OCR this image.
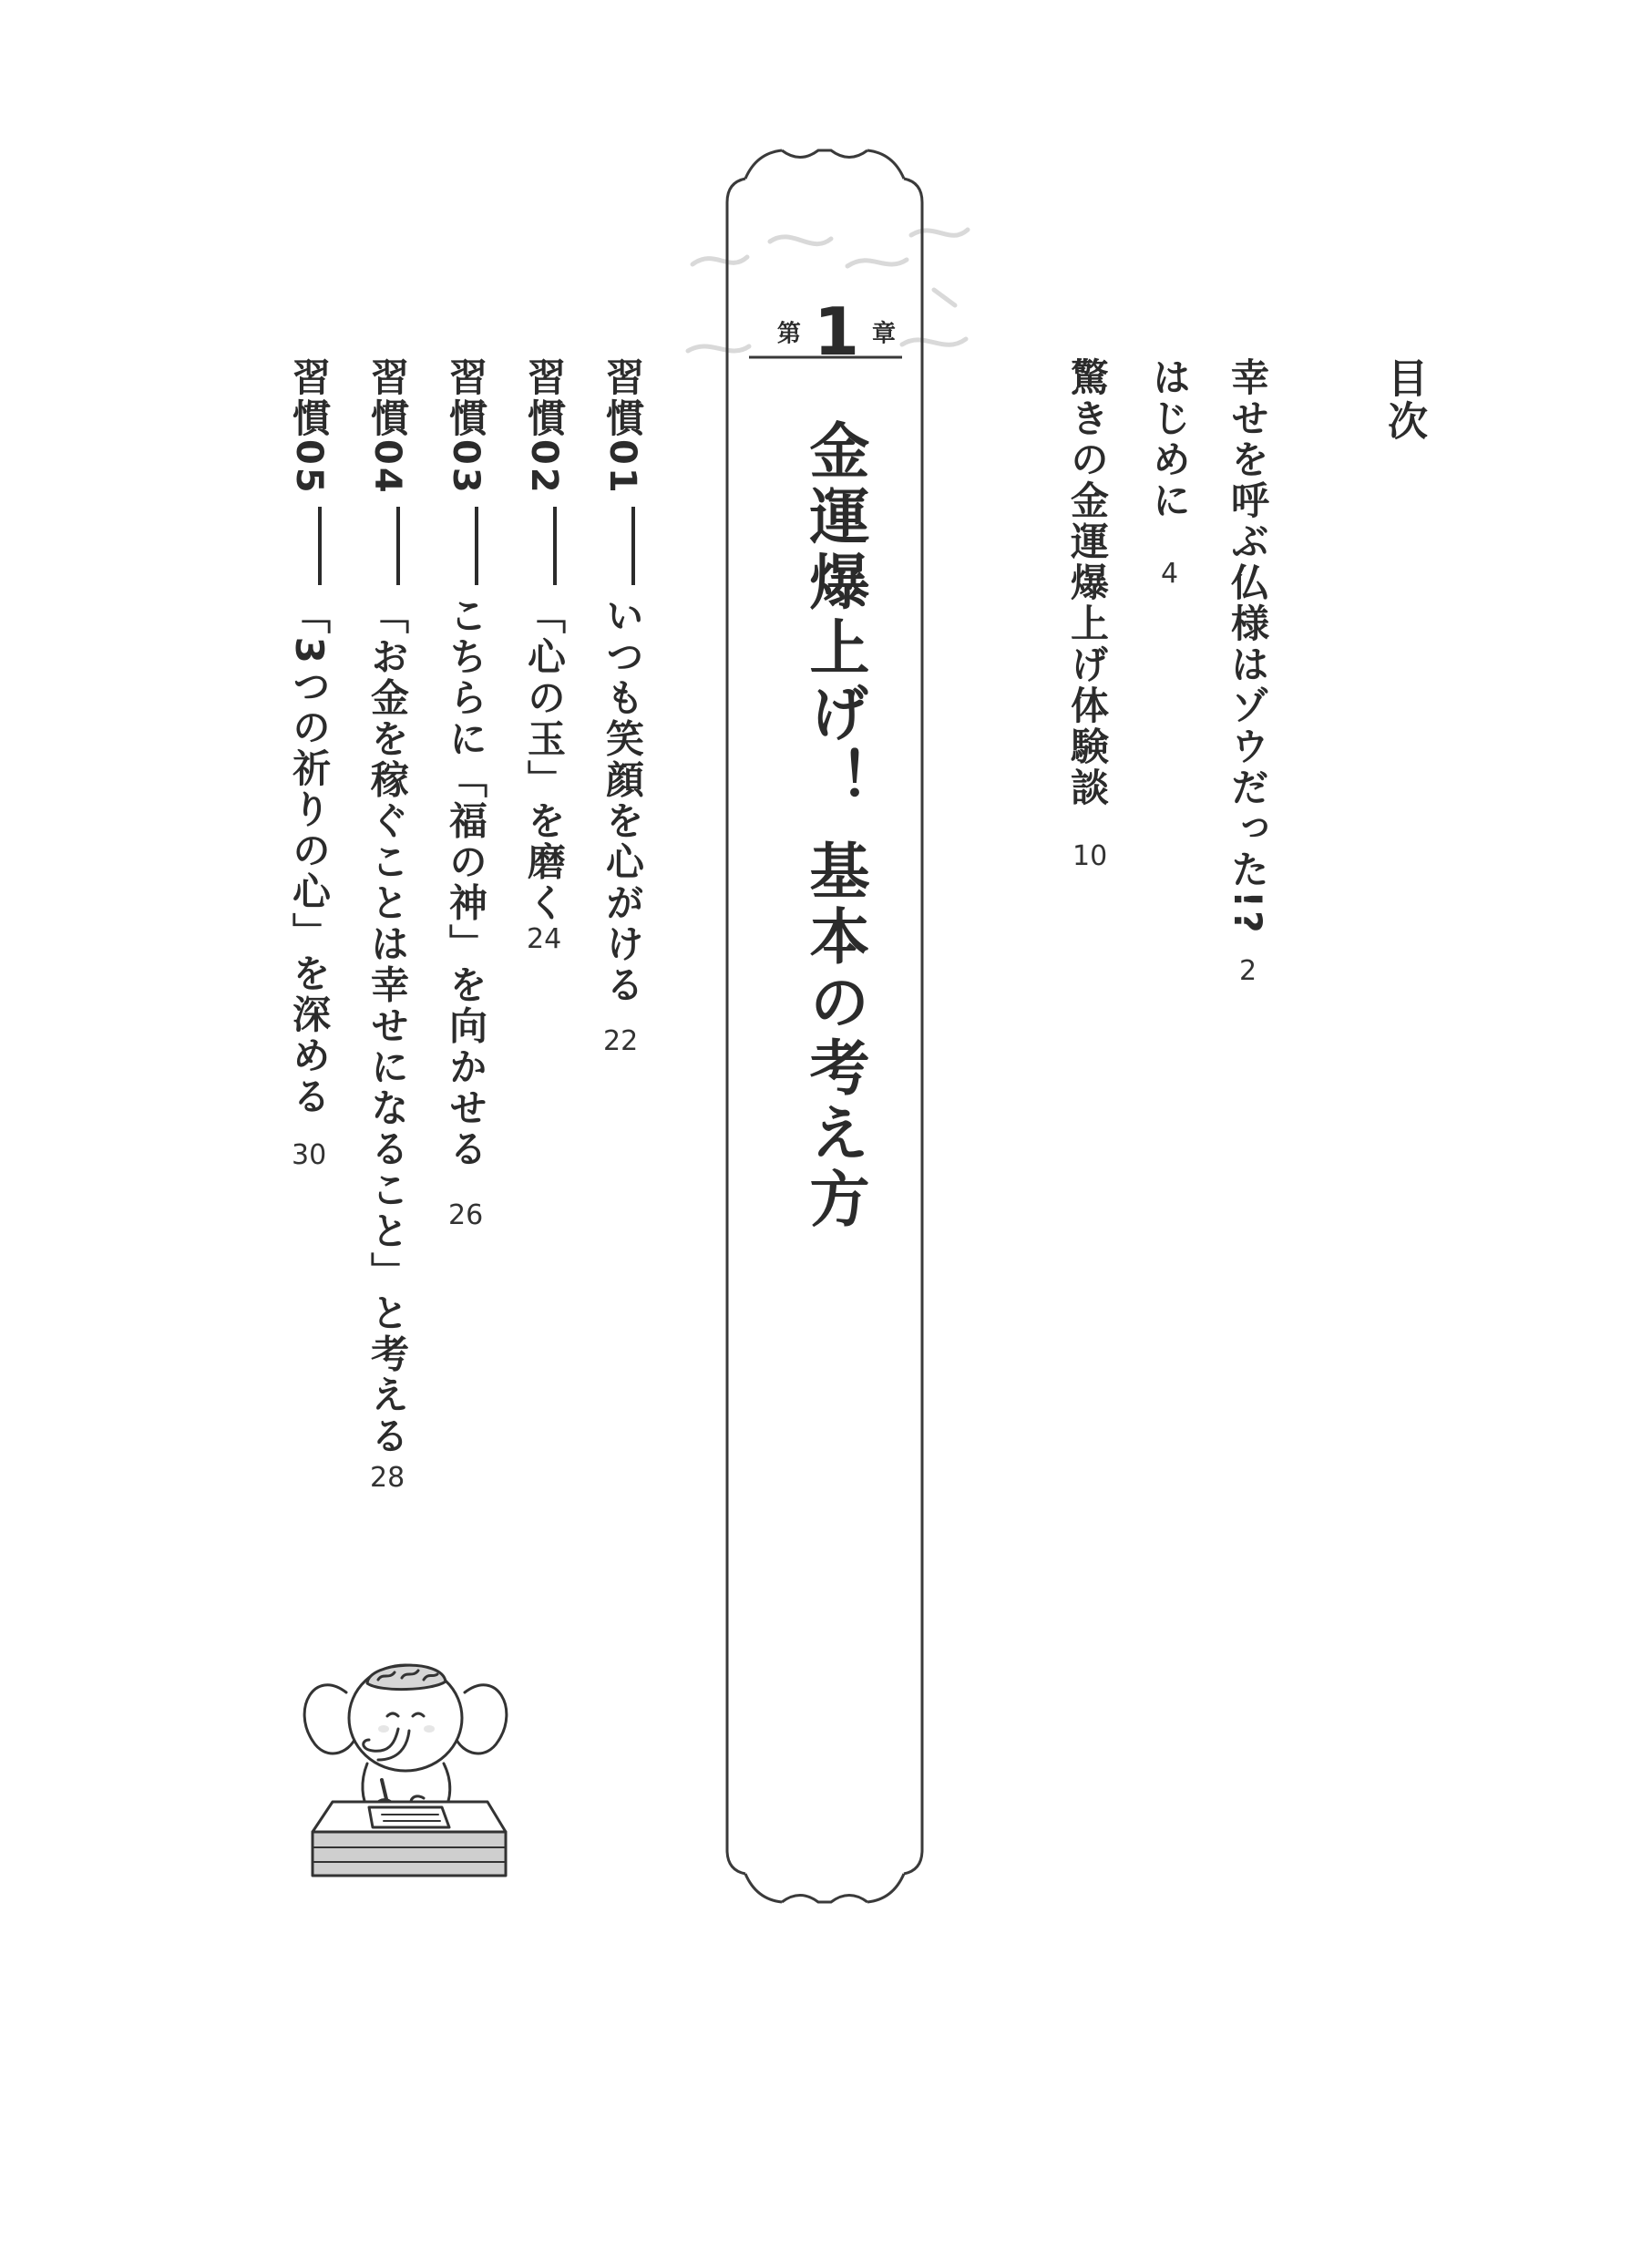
目次
幸せを呼ぶ仏様はゾウだった!?
2
はじめに
4
驚きの金運爆上げ体験談
10
第 1 章
金運爆上げ！ 基本の考え方
習慣01いつも笑顔を心がける
22
習慣02「心の玉」を磨く
24
習慣03こちらに「福の神」を向かせる
26
習慣04「お金を稼ぐことは幸せになること」と考える
28
習慣05「3つの祈りの心」を深める
30
